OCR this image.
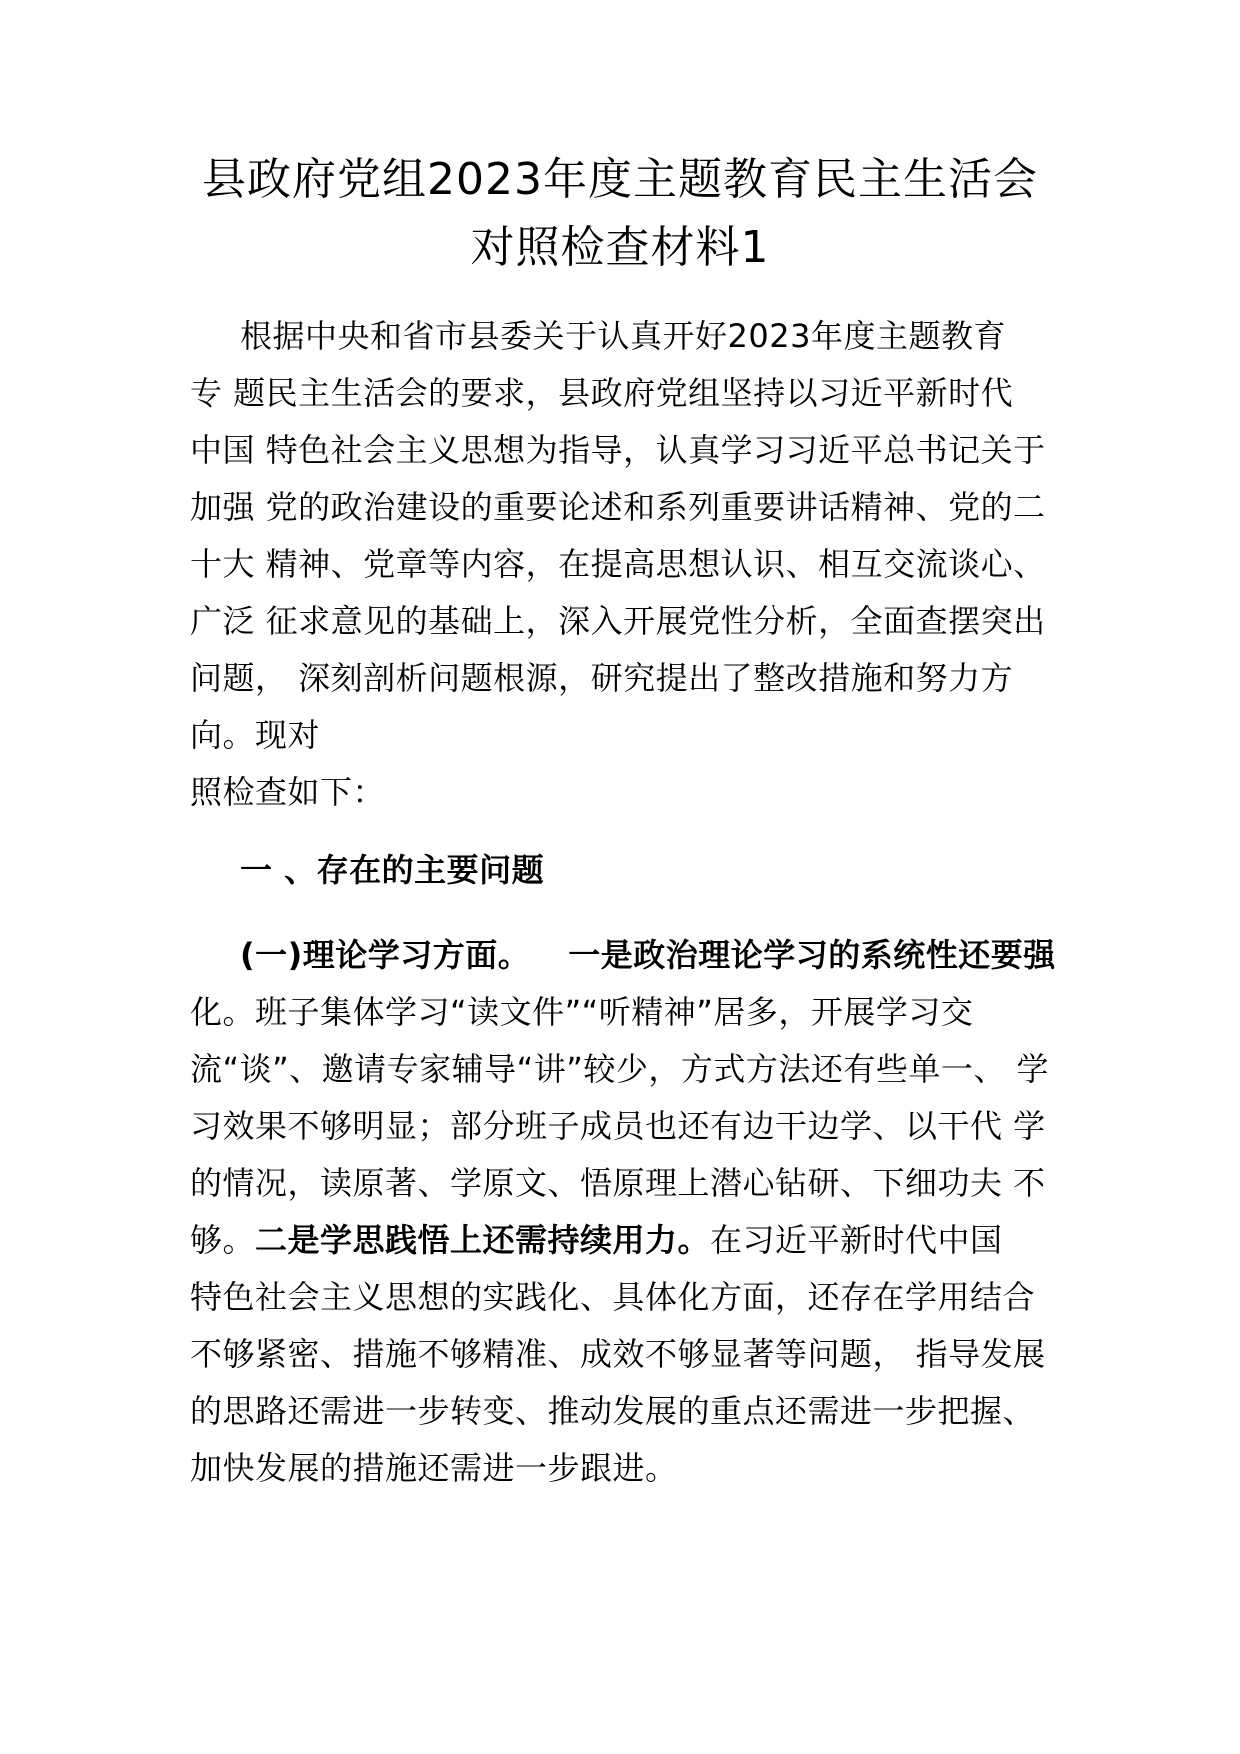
县政府党组2023年度主题教育民主生活会
对照检查材料1
根据中央和省市县委关于认真开好2023年度主题教育
专 题民主生活会的要求，县政府党组坚持以习近平新时代
中国 特色社会主义思想为指导，认真学习习近平总书记关于
加强 党的政治建设的重要论述和系列重要讲话精神、党的二
十大 精神、党章等内容，在提高思想认识、相互交流谈心、
广泛 征求意见的基础上，深入开展党性分析，全面查摆突出
问题， 深刻剖析问题根源，研究提出了整改措施和努力方
向。现对
照检查如下：
一 、存在的主要问题
(一)理论学习方面。 一是政治理论学习的系统性还要强
化。班子集体学习“读文件”“听精神”居多，开展学习交
流“谈”、邀请专家辅导“讲”较少，方式方法还有些单一、 学
习效果不够明显；部分班子成员也还有边干边学、以干代 学
的情况，读原著、学原文、悟原理上潜心钻研、下细功夫 不
够。二是学思践悟上还需持续用力。在习近平新时代中国
特色社会主义思想的实践化、具体化方面，还存在学用结合
不够紧密、措施不够精准、成效不够显著等问题， 指导发展
的思路还需进一步转变、推动发展的重点还需进一步把握、
加快发展的措施还需进一步跟进。
